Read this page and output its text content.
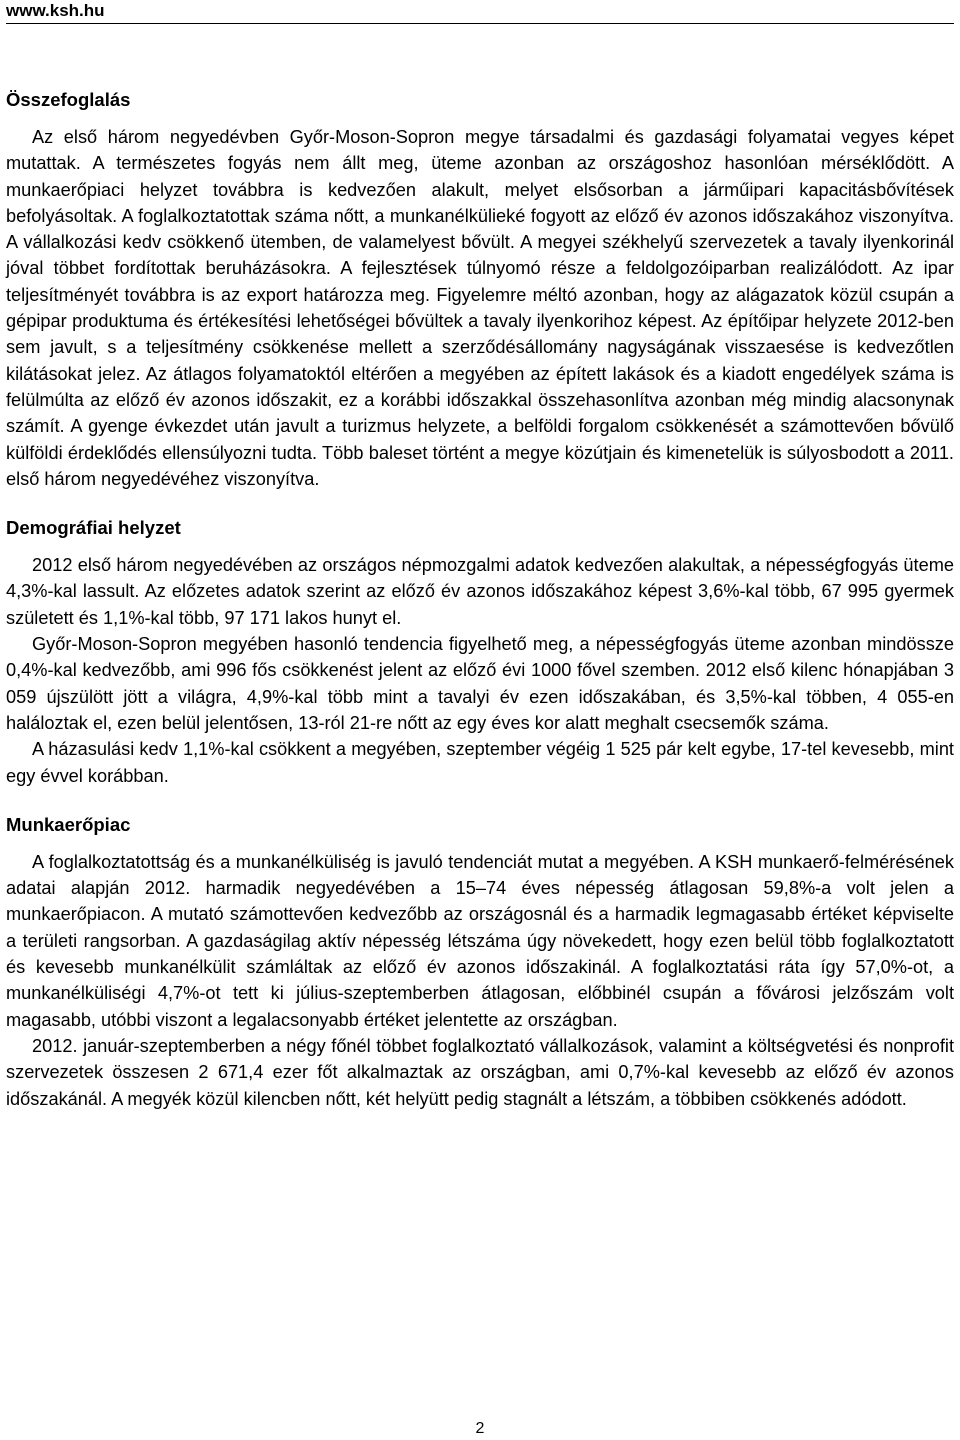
www.ksh.hu
Összefoglalás

Az első három negyedévben Győr-Moson-Sopron megye társadalmi és gazdasági folyamatai vegyes képet mutattak. A természetes fogyás nem állt meg, üteme azonban az országoshoz hasonlóan mérséklődött. A munkaerőpiaci helyzet továbbra is kedvezően alakult, melyet elsősorban a járműipari kapacitásbővítések befolyásoltak. A foglalkoztatottak száma nőtt, a munkanélkülieké fogyott az előző év azonos időszakához viszonyítva. A vállalkozási kedv csökkenő ütemben, de valamelyest bővült. A megyei székhelyű szervezetek a tavaly ilyenkorinál jóval többet fordítottak beruházásokra. A fejlesztések túlnyomó része a feldolgozóiparban realizálódott. Az ipar teljesítményét továbbra is az export határozza meg. Figyelemre méltó azonban, hogy az alágazatok közül csupán a gépipar produktuma és értékesítési lehetőségei bővültek a tavaly ilyenkorihoz képest. Az építőipar helyzete 2012-ben sem javult, s a teljesítmény csökkenése mellett a szerződésállomány nagyságának visszaesése is kedvezőtlen kilátásokat jelez. Az átlagos folyamatoktól eltérően a megyében az épített lakások és a kiadott engedélyek száma is felülmúlta az előző év azonos időszakit, ez a korábbi időszakkal összehasonlítva azonban még mindig alacsonynak számít. A gyenge évkezdet után javult a turizmus helyzete, a belföldi forgalom csökkenését a számottevően bővülő külföldi érdeklődés ellensúlyozni tudta. Több baleset történt a megye közútjain és kimenetelük is súlyosbodott a 2011. első három negyedévéhez viszonyítva.

Demográfiai helyzet

2012 első három negyedévében az országos népmozgalmi adatok kedvezően alakultak, a népességfogyás üteme 4,3%-kal lassult. Az előzetes adatok szerint az előző év azonos időszakához képest 3,6%-kal több, 67 995 gyermek született és 1,1%-kal több, 97 171 lakos hunyt el.

Győr-Moson-Sopron megyében hasonló tendencia figyelhető meg, a népességfogyás üteme azonban mindössze 0,4%-kal kedvezőbb, ami 996 fős csökkenést jelent az előző évi 1000 fővel szemben. 2012 első kilenc hónapjában 3 059 újszülött jött a világra, 4,9%-kal több mint a tavalyi év ezen időszakában, és 3,5%-kal többen, 4 055-en haláloztak el, ezen belül jelentősen, 13-ról 21-re nőtt az egy éves kor alatt meghalt csecsemők száma.

A házasulási kedv 1,1%-kal csökkent a megyében, szeptember végéig 1 525 pár kelt egybe, 17-tel kevesebb, mint egy évvel korábban.

Munkaerőpiac

A foglalkoztatottság és a munkanélküliség is javuló tendenciát mutat a megyében. A KSH munkaerő-felmérésének adatai alapján 2012. harmadik negyedévében a 15–74 éves népesség átlagosan 59,8%-a volt jelen a munkaerőpiacon. A mutató számottevően kedvezőbb az országosnál és a harmadik legmagasabb értéket képviselte a területi rangsorban. A gazdaságilag aktív népesség létszáma úgy növekedett, hogy ezen belül több foglalkoztatott és kevesebb munkanélkülit számláltak az előző év azonos időszakinál. A foglalkoztatási ráta így 57,0%-ot, a munkanélküliségi 4,7%-ot tett ki július-szeptemberben átlagosan, előbbinél csupán a fővárosi jelzőszám volt magasabb, utóbbi viszont a legalacsonyabb értéket jelentette az országban.

2012. január-szeptemberben a négy főnél többet foglalkoztató vállalkozások, valamint a költségvetési és nonprofit szervezetek összesen 2 671,4 ezer főt alkalmaztak az országban, ami 0,7%-kal kevesebb az előző év azonos időszakánál. A megyék közül kilencben nőtt, két helyütt pedig stagnált a létszám, a többiben csökkenés adódott.

2
